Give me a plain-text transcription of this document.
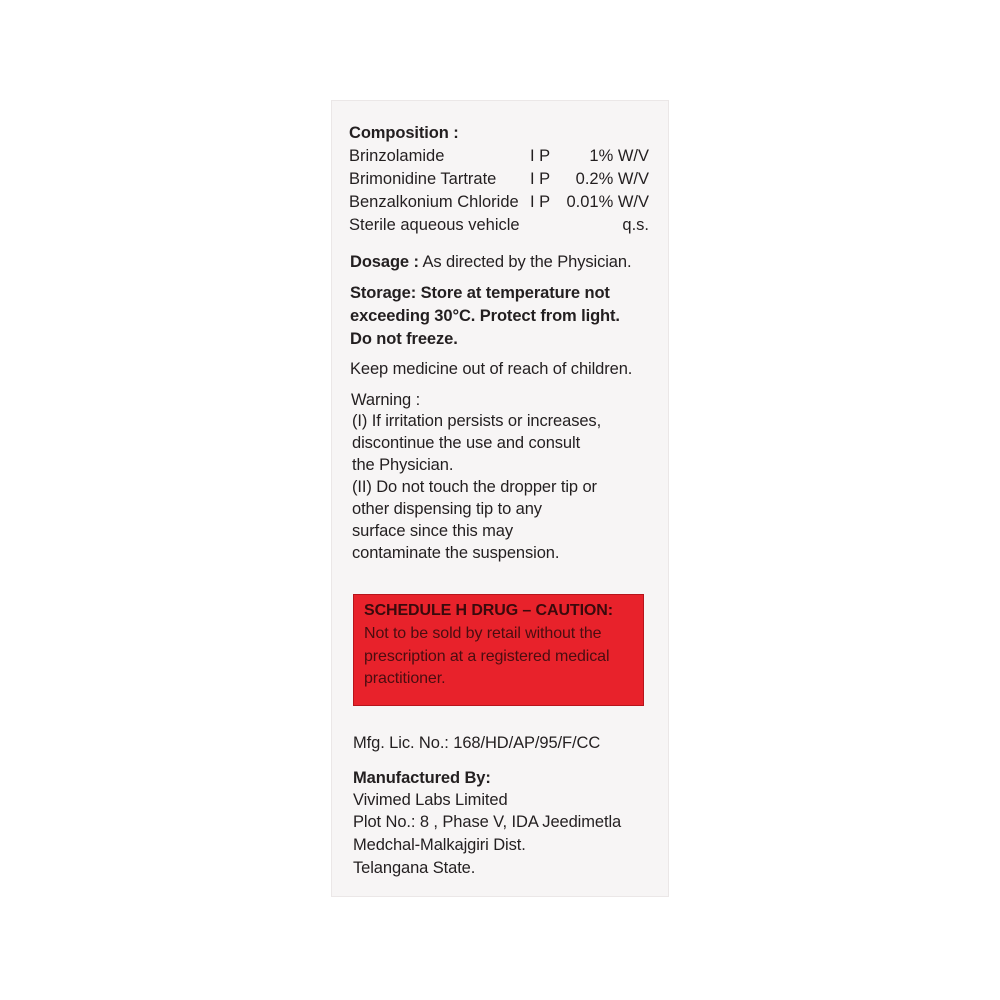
Composition :
Brinzolamide	I P 1% W/V
Brimonidine Tartrate I P 0.2% W/V
Benzalkonium Chloride I P 0.01% W/V
Sterile aqueous vehicle	q.s.
Dosage : As directed by the Physician.
Storage: Store at temperature not
exceeding 30°C. Protect from light.
Do not freeze.
Keep medicine out of reach of children.
Warning :
(I) If irritation persists or increases,
discontinue the use and consult
the Physician.
(II) Do not touch the dropper tip or
other dispensing tip to any
surface since this may
contaminate the suspension.
SCHEDULE H DRUG – CAUTION:
Not to be sold by retail without the
prescription at a registered medical
practitioner.
Mfg. Lic. No.: 168/HD/AP/95/F/CC
Manufactured By:
Vivimed Labs Limited
Plot No.: 8 , Phase V, IDA Jeedimetla
Medchal-Malkajgiri Dist.
Telangana State.
